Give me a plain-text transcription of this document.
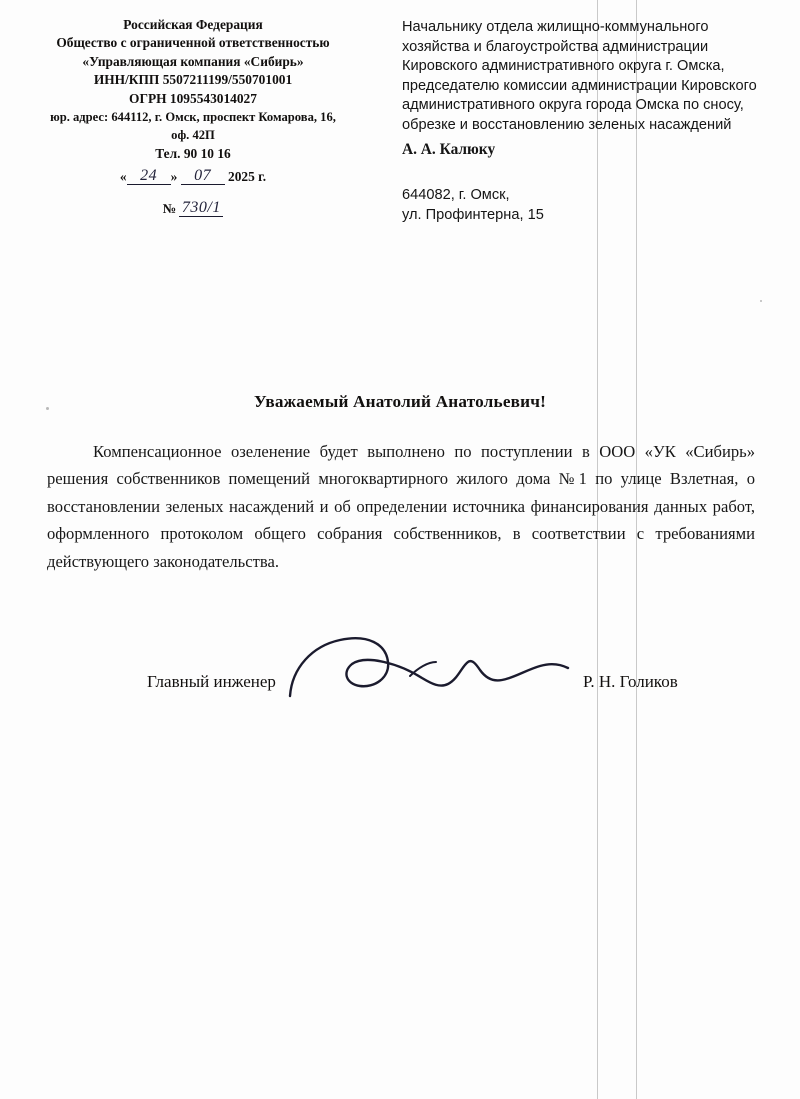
Российская Федерация
Общество с ограниченной ответственностью
«Управляющая компания «Сибирь»
ИНН/КПП 5507211199/550701001
ОГРН 1095543014027
юр. адрес: 644112, г. Омск, проспект Комарова, 16,
оф. 42П
Тел. 90 10 16
« 24 » 07 2025 г.
№ 730/1
Начальнику отдела жилищно-коммунального хозяйства и благоустройства администрации Кировского административного округа г. Омска, председателю комиссии администрации Кировского административного округа города Омска по сносу, обрезке и восстановлению зеленых насаждений
А. А. Калюку
644082, г. Омск,
ул. Профинтерна, 15
Уважаемый Анатолий Анатольевич!
Компенсационное озеленение будет выполнено по поступлении в ООО «УК «Сибирь» решения собственников помещений многоквартирного жилого дома №1 по улице Взлетная, о восстановлении зеленых насаждений и об определении источника финансирования данных работ, оформленного протоколом общего собрания собственников, в соответствии с требованиями действующего законодательства.
Главный инженер	Р. Н. Голиков
